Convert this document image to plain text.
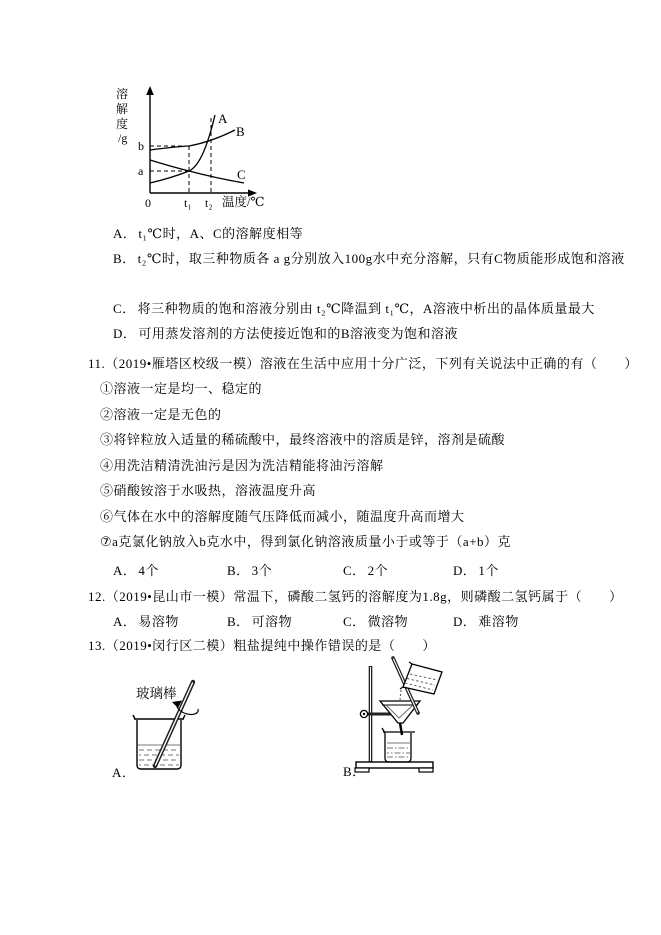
溶
解
度
/g
b
a
0	t₁ t₂ 温度/℃
A
B
C
A． t₁℃时，A、C的溶解度相等
B． t₂℃时，取三种物质各 a g分别放入100g水中充分溶解，只有C物质能形成饱和溶液
C． 将三种物质的饱和溶液分别由 t₂℃降温到 t₁℃，A溶液中析出的晶体质量最大
D． 可用蒸发溶剂的方法使接近饱和的B溶液变为饱和溶液
11.（2019•雁塔区校级一模）溶液在生活中应用十分广泛，下列有关说法中正确的有（　　）
①溶液一定是均一、稳定的
②溶液一定是无色的
③将锌粒放入适量的稀硫酸中，最终溶液中的溶质是锌，溶剂是硫酸
④用洗洁精清洗油污是因为洗洁精能将油污溶解
⑤硝酸铵溶于水吸热，溶液温度升高
⑥气体在水中的溶解度随气压降低而减小，随温度升高而增大
⑦a克氯化钠放入b克水中，得到氯化钠溶液质量小于或等于（a+b）克
A． 4个	B． 3个	C． 2个	D． 1个
12.（2019•昆山市一模）常温下，磷酸二氢钙的溶解度为1.8g，则磷酸二氢钙属于（　　）
A． 易溶物	B． 可溶物	C． 微溶物	D． 难溶物
13.（2019•闵行区二模）粗盐提纯中操作错误的是（　　）
玻璃棒
A．	B．
